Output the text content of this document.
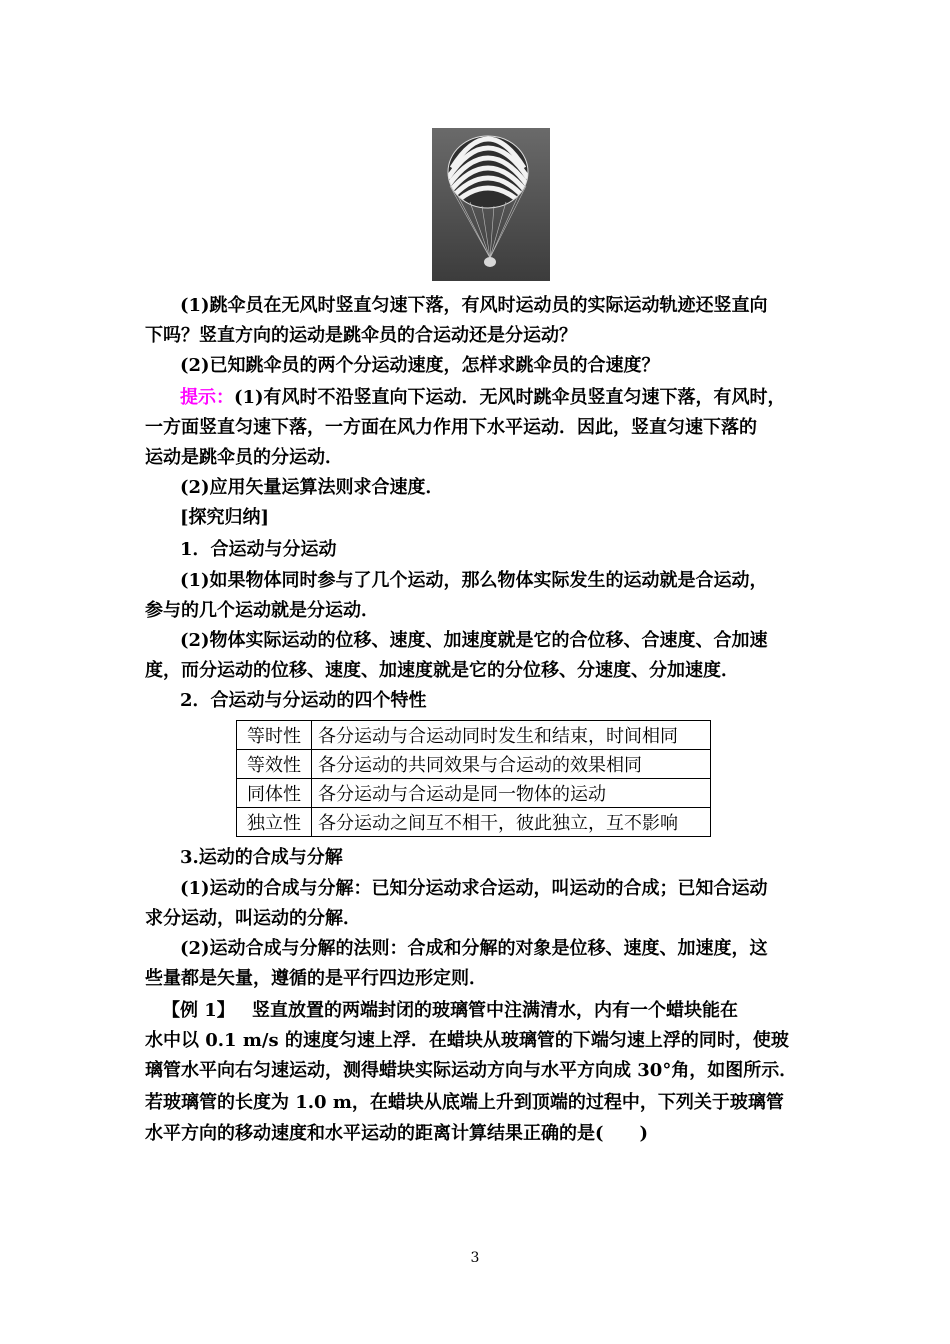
(1)跳伞员在无风时竖直匀速下落，有风时运动员的实际运动轨迹还竖直向
下吗？竖直方向的运动是跳伞员的合运动还是分运动？
(2)已知跳伞员的两个分运动速度，怎样求跳伞员的合速度？
提示：(1)有风时不沿竖直向下运动．无风时跳伞员竖直匀速下落，有风时，
一方面竖直匀速下落，一方面在风力作用下水平运动．因此，竖直匀速下落的
运动是跳伞员的分运动．
(2)应用矢量运算法则求合速度．
[探究归纳]
1．合运动与分运动
(1)如果物体同时参与了几个运动，那么物体实际发生的运动就是合运动，
参与的几个运动就是分运动．
(2)物体实际运动的位移、速度、加速度就是它的合位移、合速度、合加速
度，而分运动的位移、速度、加速度就是它的分位移、分速度、分加速度．
2．合运动与分运动的四个特性
等时性	各分运动与合运动同时发生和结束，时间相同
等效性	各分运动的共同效果与合运动的效果相同
同体性	各分运动与合运动是同一物体的运动
独立性	各分运动之间互不相干，彼此独立，互不影响
3.运动的合成与分解
(1)运动的合成与分解：已知分运动求合运动，叫运动的合成；已知合运动
求分运动，叫运动的分解．
(2)运动合成与分解的法则：合成和分解的对象是位移、速度、加速度，这
些量都是矢量，遵循的是平行四边形定则．
【例 1】 竖直放置的两端封闭的玻璃管中注满清水，内有一个蜡块能在
水中以 0.1 m/s 的速度匀速上浮．在蜡块从玻璃管的下端匀速上浮的同时，使玻
璃管水平向右匀速运动，测得蜡块实际运动方向与水平方向成 30°角，如图所示．
若玻璃管的长度为 1.0 m，在蜡块从底端上升到顶端的过程中，下列关于玻璃管
水平方向的移动速度和水平运动的距离计算结果正确的是(　　)
3
